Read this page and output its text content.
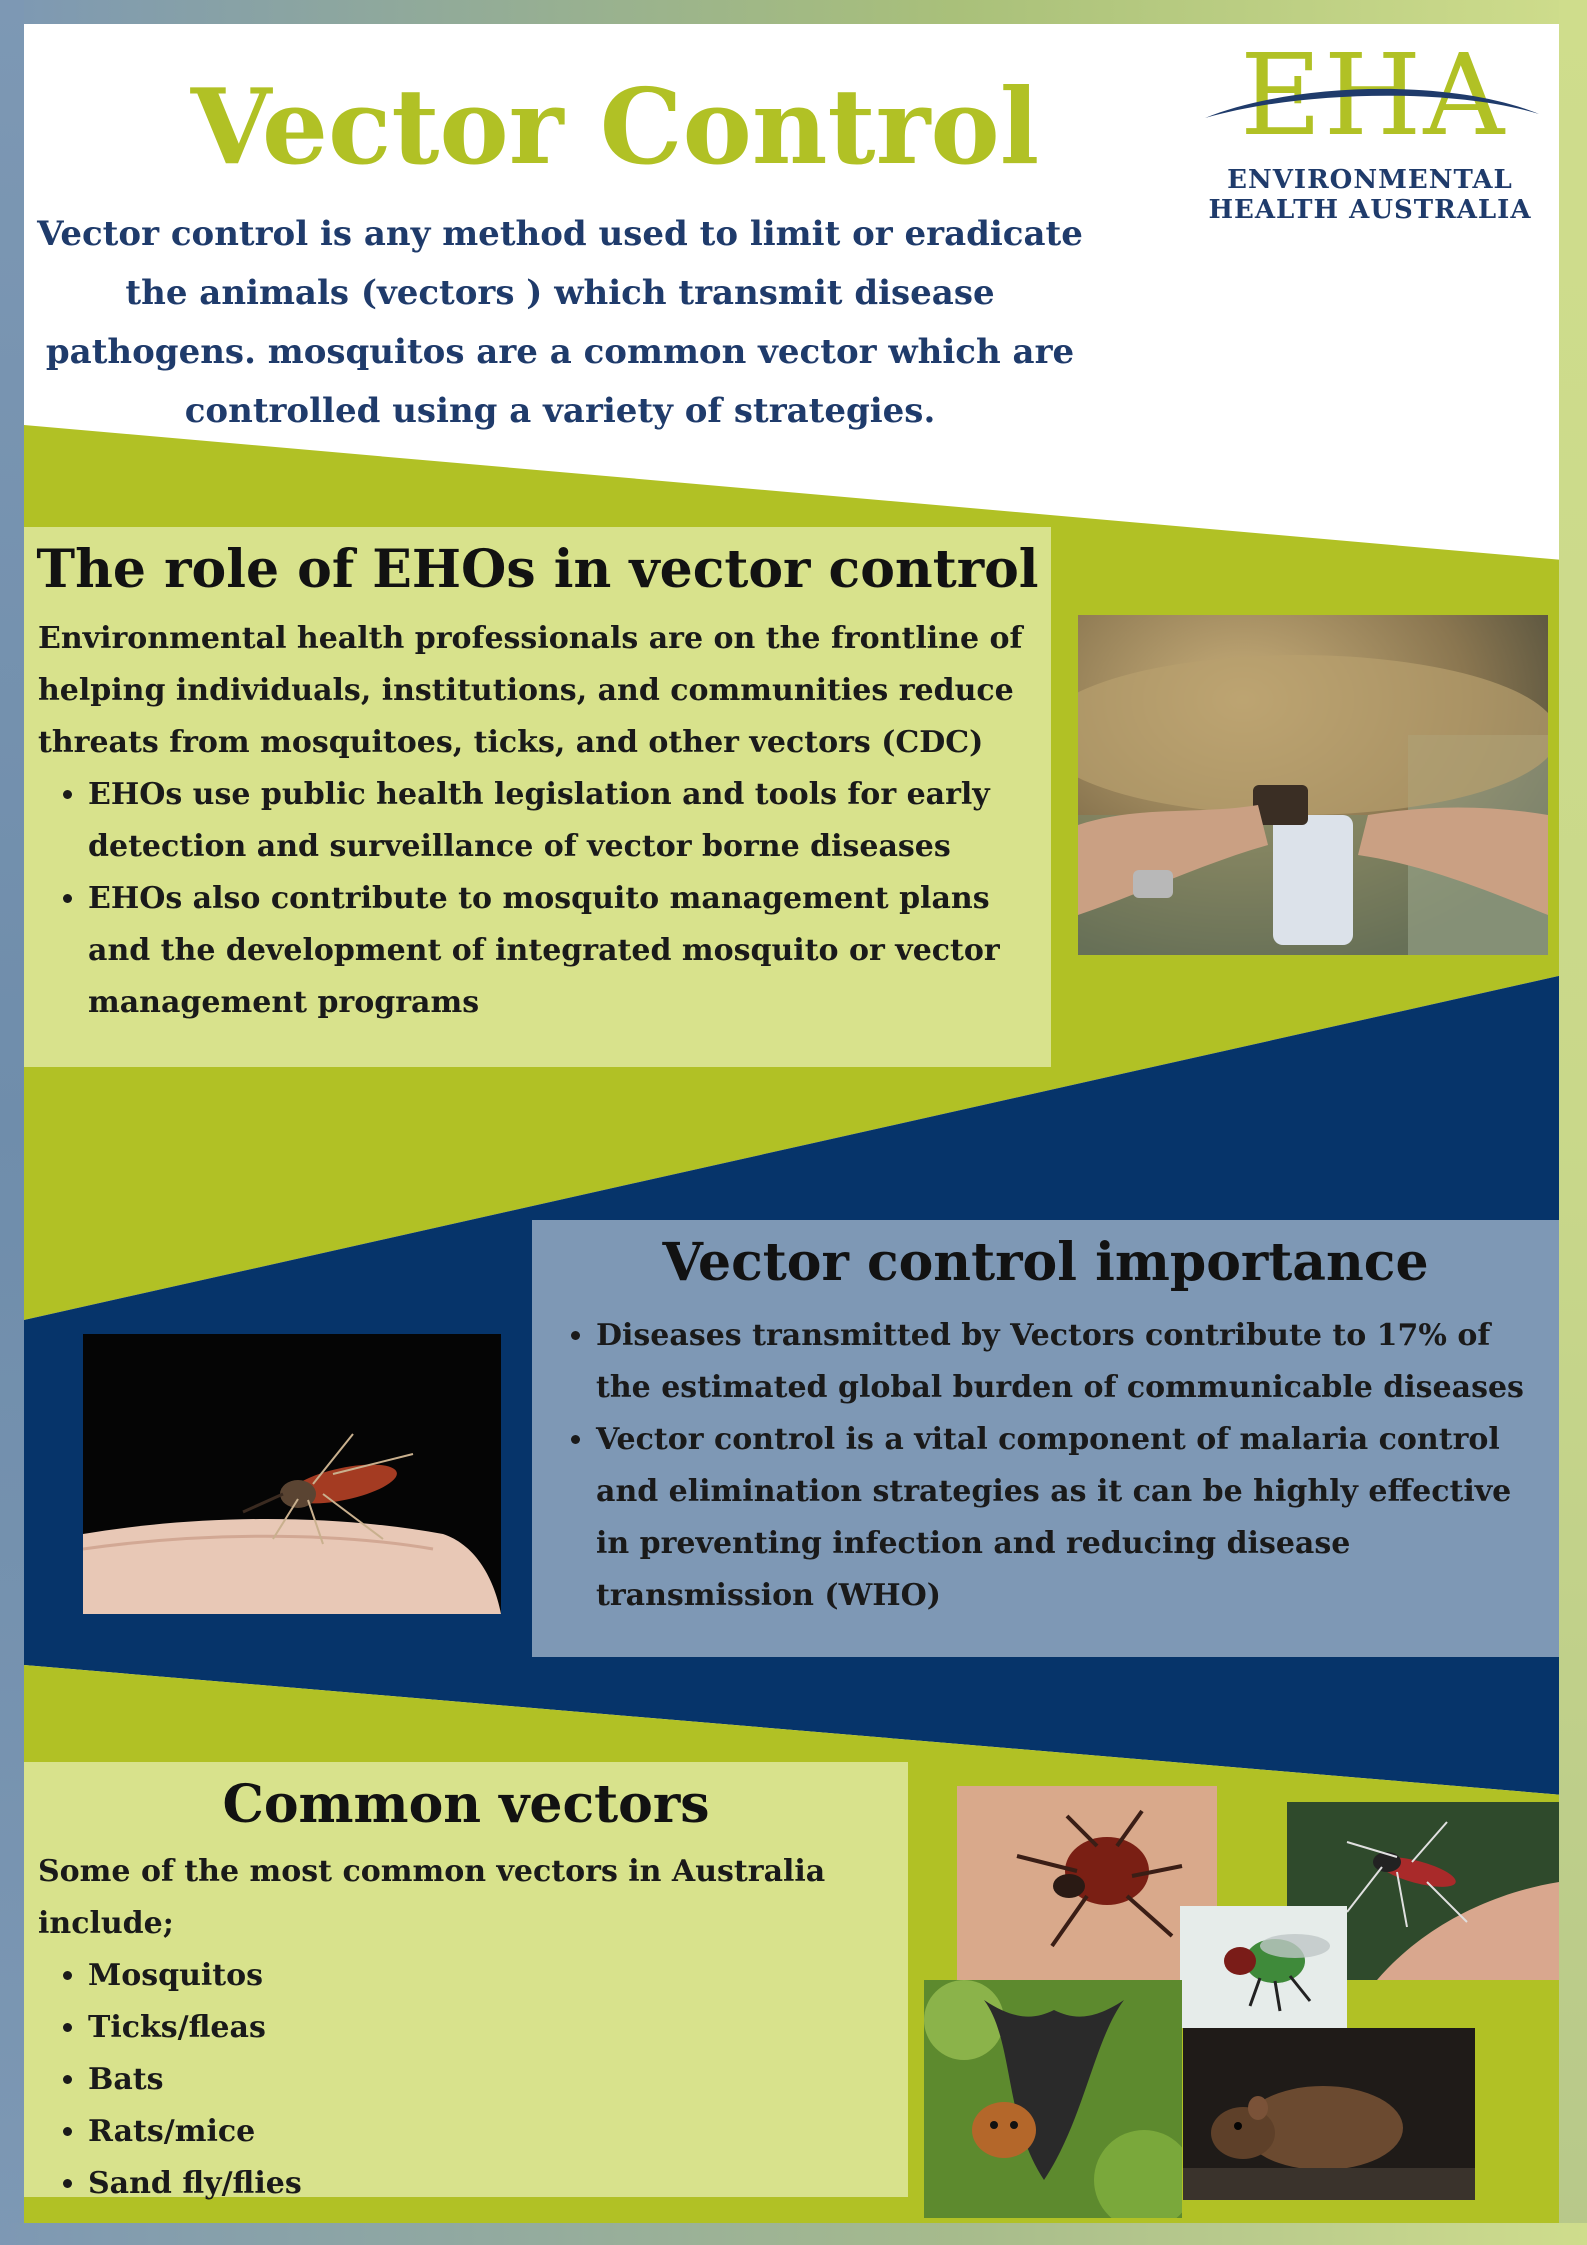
Vector Control

Vector control is any method used to limit or eradicate the animals (vectors ) which transmit disease pathogens. mosquitos are a common vector which are controlled using a variety of strategies.

EHA
ENVIRONMENTAL
HEALTH AUSTRALIA
The role of EHOs in vector control

Environmental health professionals are on the frontline of helping individuals, institutions, and communities reduce threats from mosquitoes, ticks, and other vectors (CDC)

• EHOs use public health legislation and tools for early detection and surveillance of vector borne diseases
• EHOs also contribute to mosquito management plans and the development of integrated mosquito or vector management programs
Vector control importance
• Diseases transmitted by Vectors contribute to 17% of the estimated global burden of communicable diseases
• Vector control is a vital component of malaria control and elimination strategies as it can be highly effective in preventing infection and reducing disease transmission (WHO)
Common vectors

Some of the most common vectors in Australia include;

• Mosquitos
• Ticks/fleas
• Bats
• Rats/mice
• Sand fly/flies
